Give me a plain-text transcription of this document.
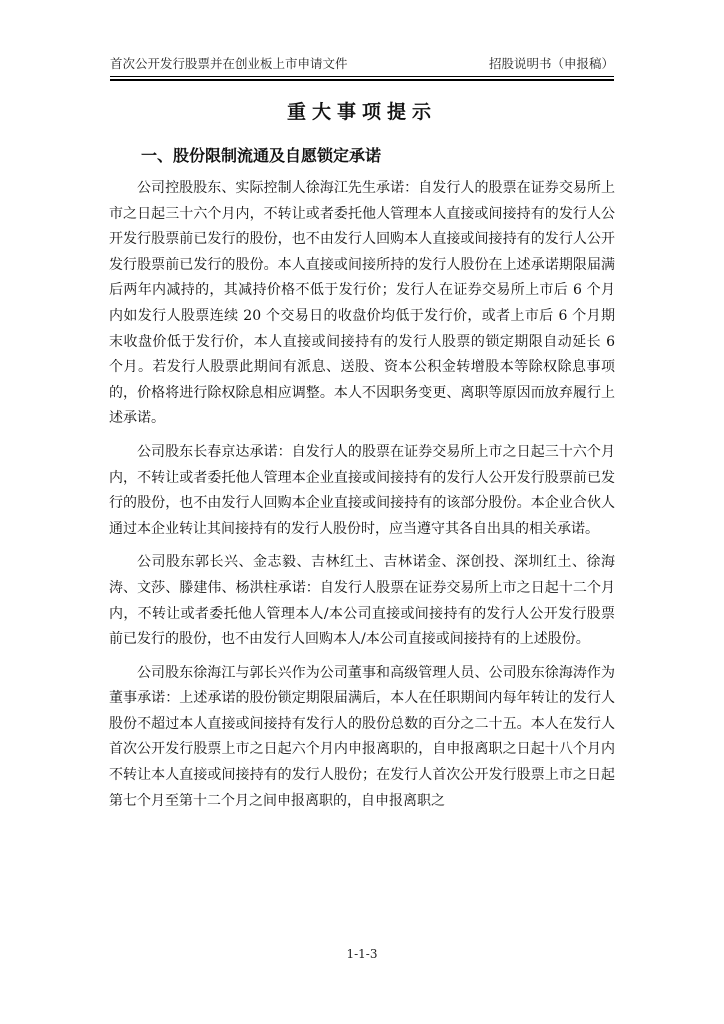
首次公开发行股票并在创业板上市申请文件	招股说明书（申报稿）
重大事项提示
一、股份限制流通及自愿锁定承诺

公司控股股东、实际控制人徐海江先生承诺：自发行人的股票在证券交易所上市之日起三十六个月内，不转让或者委托他人管理本人直接或间接持有的发行人公开发行股票前已发行的股份，也不由发行人回购本人直接或间接持有的发行人公开发行股票前已发行的股份。本人直接或间接所持的发行人股份在上述承诺期限届满后两年内减持的，其减持价格不低于发行价；发行人在证券交易所上市后 6 个月内如发行人股票连续 20 个交易日的收盘价均低于发行价，或者上市后 6 个月期末收盘价低于发行价，本人直接或间接持有的发行人股票的锁定期限自动延长 6 个月。若发行人股票此期间有派息、送股、资本公积金转增股本等除权除息事项的，价格将进行除权除息相应调整。本人不因职务变更、离职等原因而放弃履行上述承诺。

公司股东长春京达承诺：自发行人的股票在证券交易所上市之日起三十六个月内，不转让或者委托他人管理本企业直接或间接持有的发行人公开发行股票前已发行的股份，也不由发行人回购本企业直接或间接持有的该部分股份。本企业合伙人通过本企业转让其间接持有的发行人股份时，应当遵守其各自出具的相关承诺。

公司股东郭长兴、金志毅、吉林红土、吉林诺金、深创投、深圳红土、徐海涛、文莎、滕建伟、杨洪柱承诺：自发行人股票在证券交易所上市之日起十二个月内，不转让或者委托他人管理本人/本公司直接或间接持有的发行人公开发行股票前已发行的股份，也不由发行人回购本人/本公司直接或间接持有的上述股份。

公司股东徐海江与郭长兴作为公司董事和高级管理人员、公司股东徐海涛作为董事承诺：上述承诺的股份锁定期限届满后，本人在任职期间内每年转让的发行人股份不超过本人直接或间接持有发行人的股份总数的百分之二十五。本人在发行人首次公开发行股票上市之日起六个月内申报离职的，自申报离职之日起十八个月内不转让本人直接或间接持有的发行人股份；在发行人首次公开发行股票上市之日起第七个月至第十二个月之间申报离职的，自申报离职之

1-1-3
